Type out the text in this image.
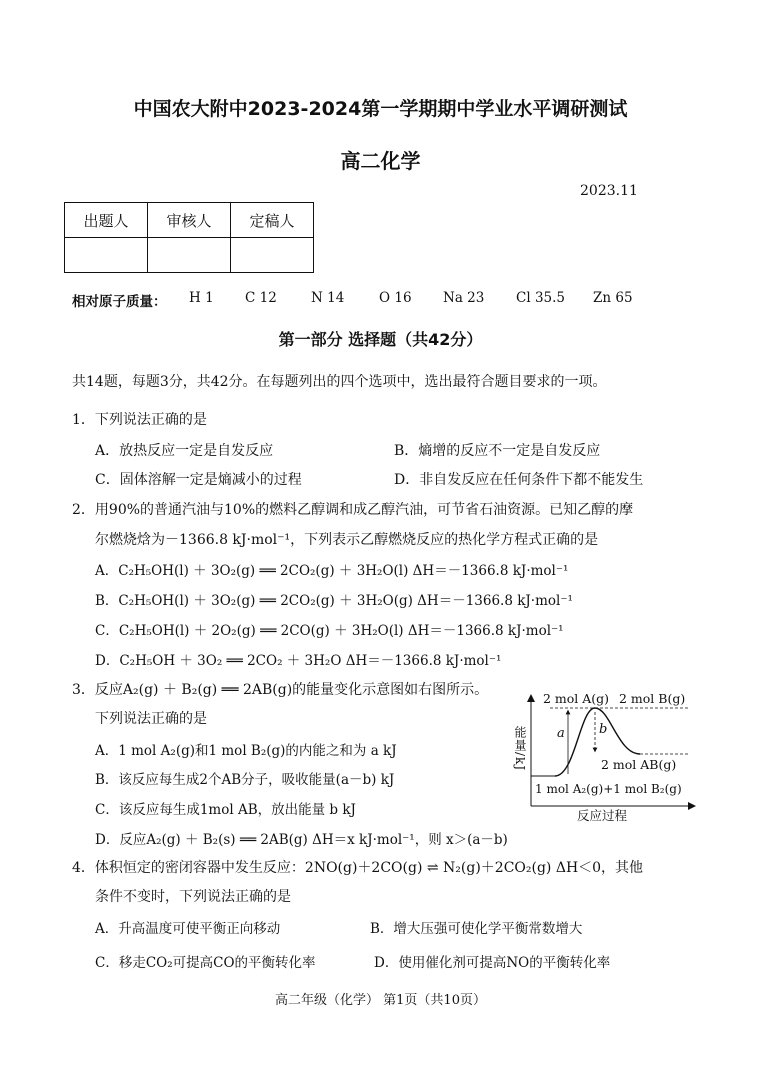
中国农大附中2023-2024第一学期期中学业水平调研测试
高二化学
2023.11
出题人	审核人	定稿人

相对原子质量： H 1 C 12	N 14	O 16 Na 23 Cl 35.5 Zn 65
第一部分 选择题（共42分）
共14题，每题3分，共42分。在每题列出的四个选项中，选出最符合题目要求的一项。
1．下列说法正确的是
A．放热反应一定是自发反应	B．熵增的反应不一定是自发反应
C．固体溶解一定是熵减小的过程	D．非自发反应在任何条件下都不能发生
2．用90%的普通汽油与10%的燃料乙醇调和成乙醇汽油，可节省石油资源。已知乙醇的摩
尔燃烧焓为－1366.8 kJ·mol⁻¹，下列表示乙醇燃烧反应的热化学方程式正确的是
A．C₂H₅OH(l) ＋ 3O₂(g) ══ 2CO₂(g) ＋ 3H₂O(l) ΔH＝－1366.8 kJ·mol⁻¹
B．C₂H₅OH(l) ＋ 3O₂(g) ══ 2CO₂(g) ＋ 3H₂O(g) ΔH＝－1366.8 kJ·mol⁻¹
C．C₂H₅OH(l) ＋ 2O₂(g) ══ 2CO(g) ＋ 3H₂O(l) ΔH＝－1366.8 kJ·mol⁻¹
D．C₂H₅OH ＋ 3O₂ ══ 2CO₂ ＋ 3H₂O ΔH＝－1366.8 kJ·mol⁻¹
3．反应A₂(g) ＋ B₂(g) ══ 2AB(g)的能量变化示意图如右图所示。
下列说法正确的是
A．1 mol A₂(g)和1 mol B₂(g)的内能之和为 a kJ
B．该反应每生成2个AB分子，吸收能量(a－b) kJ
C．该反应每生成1mol AB，放出能量 b kJ
D．反应A₂(g) ＋ B₂(s) ══ 2AB(g) ΔH＝x kJ·mol⁻¹，则 x＞(a－b)
2 mol A(g) 2 mol B(g)
能量/kJ a	b
2 mol AB(g)
1 mol A₂(g)+1 mol B₂(g)
反应过程
4．体积恒定的密闭容器中发生反应：2NO(g)＋2CO(g) ⇌ N₂(g)＋2CO₂(g) ΔH＜0，其他
条件不变时，下列说法正确的是
A．升高温度可使平衡正向移动	B．增大压强可使化学平衡常数增大
C．移走CO₂可提高CO的平衡转化率	D．使用催化剂可提高NO的平衡转化率
高二年级（化学） 第1页（共10页）
